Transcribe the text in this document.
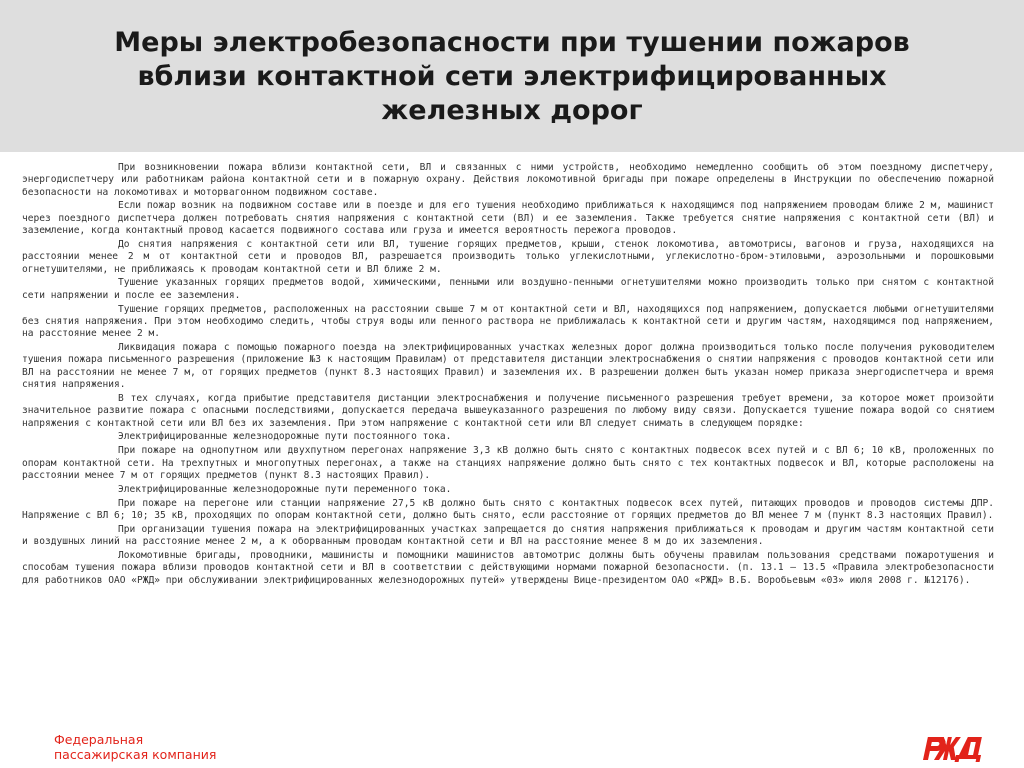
Меры электробезопасности при тушении пожаров
вблизи контактной сети электрифицированных
железных дорог

При возникновении пожара вблизи контактной сети, ВЛ и связанных с ними устройств, необходимо немедленно сообщить об этом поездному диспетчеру, энергодиспетчеру или работникам района контактной сети и в пожарную охрану. Действия локомотивной бригады при пожаре определены в Инструкции по обеспечению пожарной безопасности на локомотивах и моторвагонном подвижном составе.

Если пожар возник на подвижном составе или в поезде и для его тушения необходимо приближаться к находящимся под напряжением проводам ближе 2 м, машинист через поездного диспетчера должен потребовать снятия напряжения с контактной сети (ВЛ) и ее заземления. Также требуется снятие напряжения с контактной сети (ВЛ) и заземление, когда контактный провод касается подвижного состава или груза и имеется вероятность пережога проводов.

До снятия напряжения с контактной сети или ВЛ, тушение горящих предметов, крыши, стенок локомотива, автомотрисы, вагонов и груза, находящихся на расстоянии менее 2 м от контактной сети и проводов ВЛ, разрешается производить только углекислотными, углекислотно-бром-этиловыми, аэрозольными и порошковыми огнетушителями, не приближаясь к проводам контактной сети и ВЛ ближе 2 м.

Тушение указанных горящих предметов водой, химическими, пенными или воздушно-пенными огнетушителями можно производить только при снятом с контактной сети напряжении и после ее заземления.

Тушение горящих предметов, расположенных на расстоянии свыше 7 м от контактной сети и ВЛ, находящихся под напряжением, допускается любыми огнетушителями без снятия напряжения. При этом необходимо следить, чтобы струя воды или пенного раствора не приближалась к контактной сети и другим частям, находящимся под напряжением, на расстояние менее 2 м.

Ликвидация пожара с помощью пожарного поезда на электрифицированных участках железных дорог должна производиться только после получения руководителем тушения пожара письменного разрешения (приложение №3 к настоящим Правилам) от представителя дистанции электроснабжения о снятии напряжения с проводов контактной сети или ВЛ на расстоянии не менее 7 м, от горящих предметов (пункт 8.3 настоящих Правил) и заземления их. В разрешении должен быть указан номер приказа энергодиспетчера и время снятия напряжения.

В тех случаях, когда прибытие представителя дистанции электроснабжения и получение письменного разрешения требует времени, за которое может произойти значительное развитие пожара с опасными последствиями, допускается передача вышеуказанного разрешения по любому виду связи. Допускается тушение пожара водой со снятием напряжения с контактной сети или ВЛ без их заземления. При этом напряжение с контактной сети или ВЛ следует снимать в следующем порядке:

Электрифицированные железнодорожные пути постоянного тока.

При пожаре на однопутном или двухпутном перегонах напряжение 3,3 кВ должно быть снято с контактных подвесок всех путей и с ВЛ 6; 10 кВ, проложенных по опорам контактной сети. На трехпутных и многопутных перегонах, а также на станциях напряжение должно быть снято с тех контактных подвесок и ВЛ, которые расположены на расстоянии менее 7 м от горящих предметов (пункт 8.3 настоящих Правил).

Электрифицированные железнодорожные пути переменного тока.

При пожаре на перегоне или станции напряжение 27,5 кВ должно быть снято с контактных подвесок всех путей, питающих проводов и проводов системы ДПР. Напряжение с ВЛ 6; 10; 35 кВ, проходящих по опорам контактной сети, должно быть снято, если расстояние от горящих предметов до ВЛ менее 7 м (пункт 8.3 настоящих Правил).

При организации тушения пожара на электрифицированных участках запрещается до снятия напряжения приближаться к проводам и другим частям контактной сети и воздушных линий на расстояние менее 2 м, а к оборванным проводам контактной сети и ВЛ на расстояние менее 8 м до их заземления.

Локомотивные бригады, проводники, машинисты и помощники машинистов автомотрис должны быть обучены правилам пользования средствами пожаротушения и способам тушения пожара вблизи проводов контактной сети и ВЛ в соответствии с действующими нормами пожарной безопасности. (п. 13.1 – 13.5 «Правила электробезопасности для работников ОАО «РЖД» при обслуживании электрифицированных железнодорожных путей» утверждены Вице-президентом ОАО «РЖД» В.Б. Воробьевым «03» июля 2008 г. №12176).

Федеральная
пассажирская компания
